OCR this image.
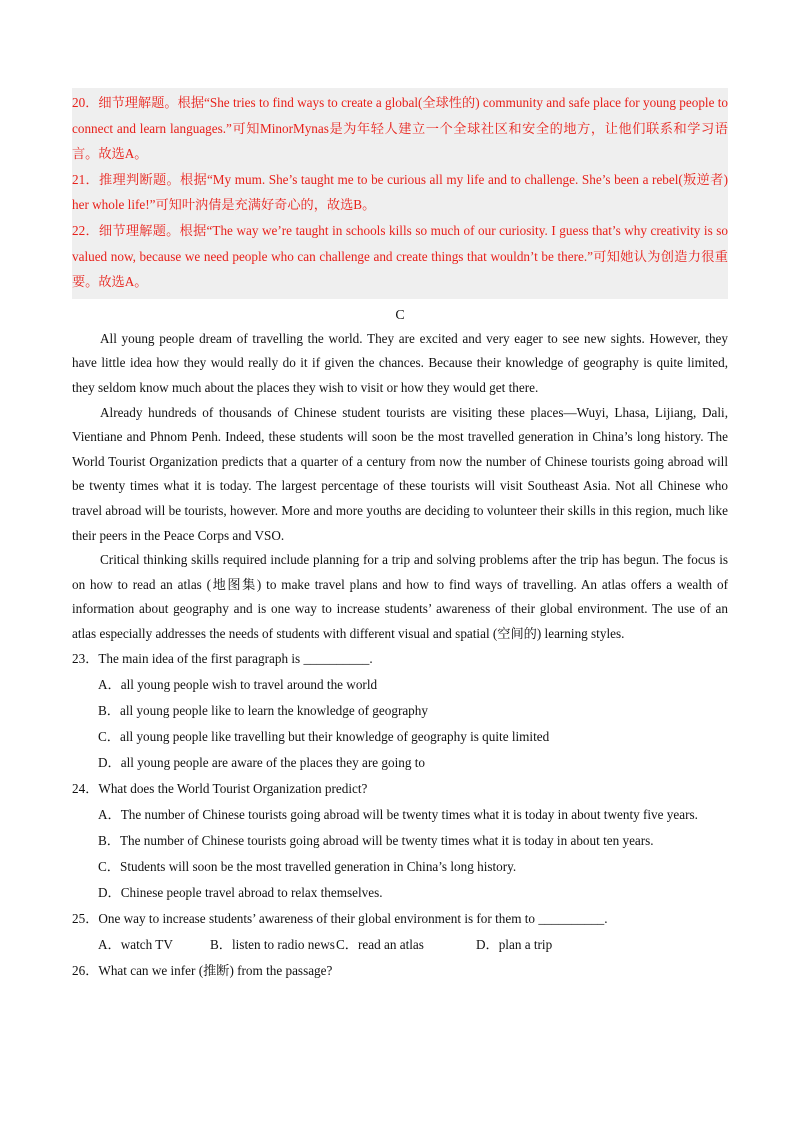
20．细节理解题。根据“She tries to find ways to create a global(全球性的) community and safe place for young people to connect and learn languages.”可知MinorMynas是为年轻人建立一个全球社区和安全的地方，让他们联系和学习语言。故选A。

21．推理判断题。根据“My mum. She’s taught me to be curious all my life and to challenge. She’s been a rebel(叛逆者) her whole life!”可知叶汭倩是充满好奇心的，故选B。

22．细节理解题。根据“The way we’re taught in schools kills so much of our curiosity. I guess that’s why creativity is so valued now, because we need people who can challenge and create things that wouldn’t be there.”可知她认为创造力很重要。故选A。

C

All young people dream of travelling the world. They are excited and very eager to see new sights. However, they have little idea how they would really do it if given the chances. Because their knowledge of geography is quite limited, they seldom know much about the places they wish to visit or how they would get there.

Already hundreds of thousands of Chinese student tourists are visiting these places—Wuyi, Lhasa, Lijiang, Dali, Vientiane and Phnom Penh. Indeed, these students will soon be the most travelled generation in China’s long history. The World Tourist Organization predicts that a quarter of a century from now the number of Chinese tourists going abroad will be twenty times what it is today. The largest percentage of these tourists will visit Southeast Asia. Not all Chinese who travel abroad will be tourists, however. More and more youths are deciding to volunteer their skills in this region, much like their peers in the Peace Corps and VSO.

Critical thinking skills required include planning for a trip and solving problems after the trip has begun. The focus is on how to read an atlas (地图集) to make travel plans and how to find ways of travelling. An atlas offers a wealth of information about geography and is one way to increase students’ awareness of their global environment. The use of an atlas especially addresses the needs of students with different visual and spatial (空间的) learning styles.

23．The main idea of the first paragraph is __________.

A．all young people wish to travel around the world

B．all young people like to learn the knowledge of geography

C．all young people like travelling but their knowledge of geography is quite limited

D．all young people are aware of the places they are going to

24．What does the World Tourist Organization predict?

A．The number of Chinese tourists going abroad will be twenty times what it is today in about twenty five years.

B．The number of Chinese tourists going abroad will be twenty times what it is today in about ten years.

C．Students will soon be the most travelled generation in China’s long history.

D．Chinese people travel abroad to relax themselves.

25．One way to increase students’ awareness of their global environment is for them to __________.

A．watch TV	B．listen to radio newsC．read an atlas	D．plan a trip

26．What can we infer (推断) from the passage?
